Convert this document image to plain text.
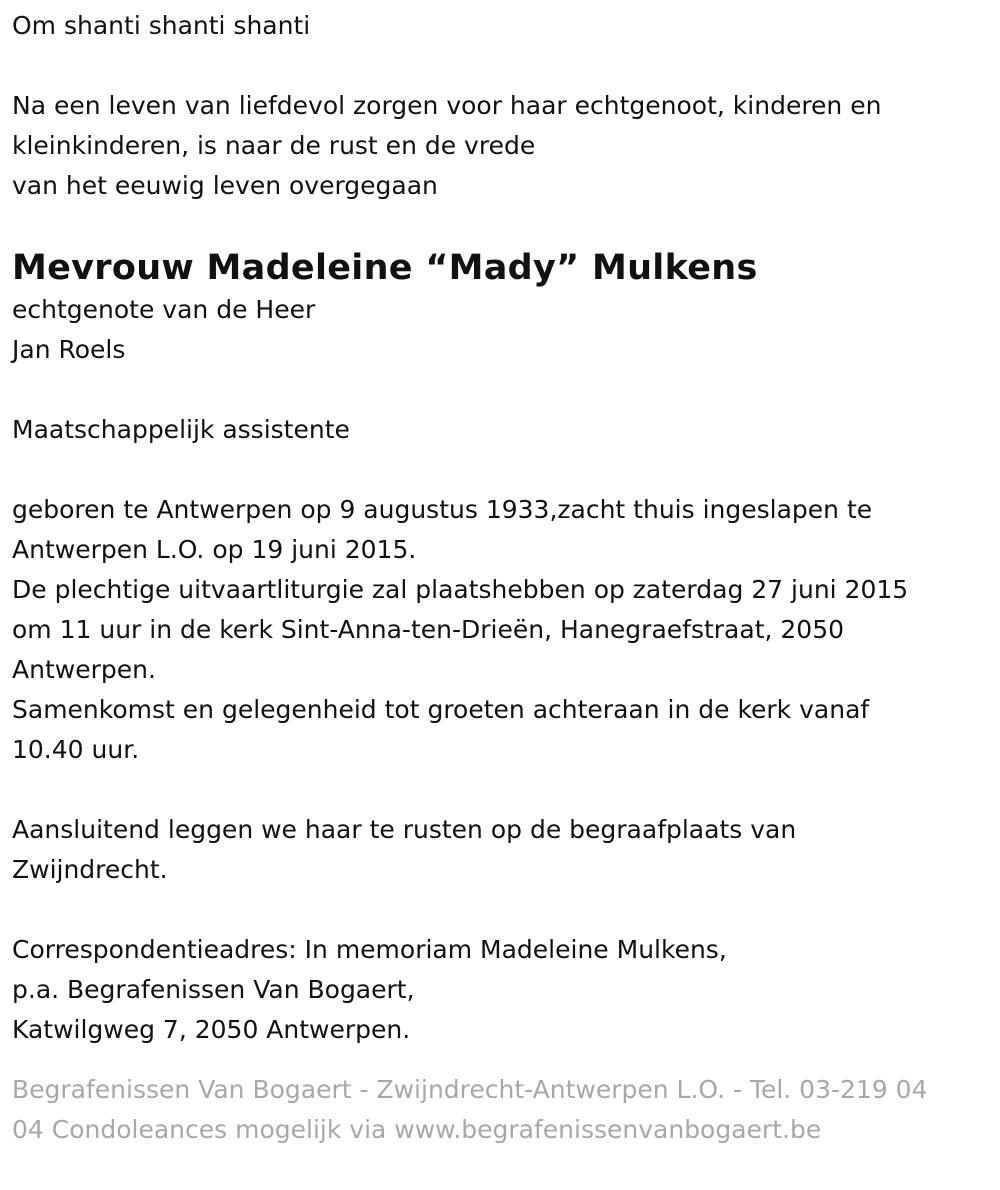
Om shanti shanti shanti
Na een leven van liefdevol zorgen voor haar echtgenoot, kinderen en
kleinkinderen, is naar de rust en de vrede
van het eeuwig leven overgegaan
Mevrouw Madeleine “Mady” Mulkens
echtgenote van de Heer
Jan Roels
Maatschappelijk assistente
geboren te Antwerpen op 9 augustus 1933,zacht thuis ingeslapen te
Antwerpen L.O. op 19 juni 2015.
De plechtige uitvaartliturgie zal plaatshebben op zaterdag 27 juni 2015
om 11 uur in de kerk Sint-Anna-ten-Drieën, Hanegraefstraat, 2050
Antwerpen.
Samenkomst en gelegenheid tot groeten achteraan in de kerk vanaf
10.40 uur.
Aansluitend leggen we haar te rusten op de begraafplaats van
Zwijndrecht.
Correspondentieadres: In memoriam Madeleine Mulkens,
p.a. Begrafenissen Van Bogaert,
Katwilgweg 7, 2050 Antwerpen.
Begrafenissen Van Bogaert - Zwijndrecht-Antwerpen L.O. - Tel. 03-219 04
04 Condoleances mogelijk via www.begrafenissenvanbogaert.be
